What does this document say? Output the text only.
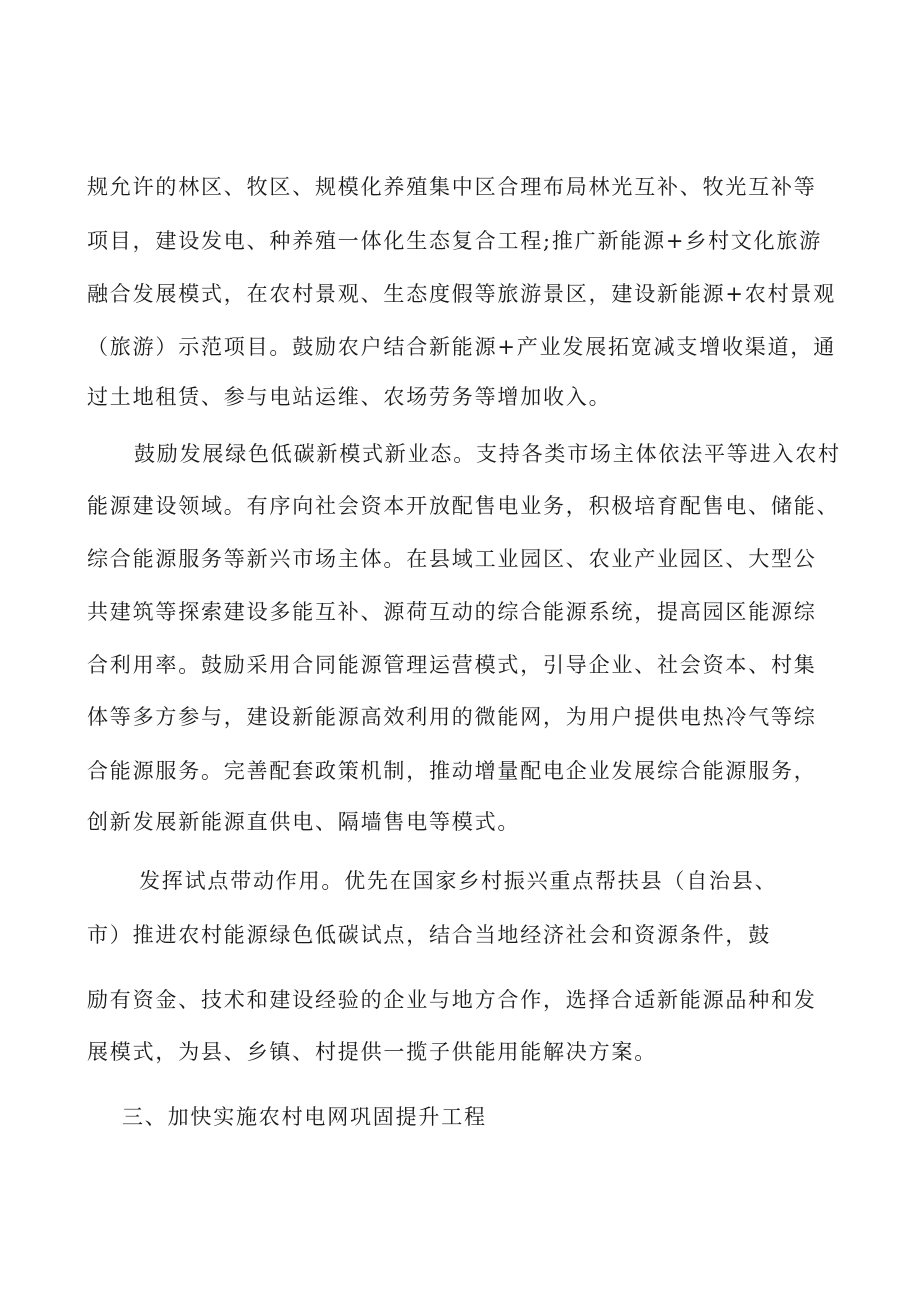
规允许的林区、牧区、规模化养殖集中区合理布局林光互补、牧光互补等
项目，建设发电、种养殖一体化生态复合工程;推广新能源+乡村文化旅游
融合发展模式，在农村景观、生态度假等旅游景区，建设新能源+农村景观
（旅游）示范项目。鼓励农户结合新能源+产业发展拓宽减支增收渠道，通
过土地租赁、参与电站运维、农场劳务等增加收入。
鼓励发展绿色低碳新模式新业态。支持各类市场主体依法平等进入农村
能源建设领域。有序向社会资本开放配售电业务，积极培育配售电、储能、
综合能源服务等新兴市场主体。在县域工业园区、农业产业园区、大型公
共建筑等探索建设多能互补、源荷互动的综合能源系统，提高园区能源综
合利用率。鼓励采用合同能源管理运营模式，引导企业、社会资本、村集
体等多方参与，建设新能源高效利用的微能网，为用户提供电热冷气等综
合能源服务。完善配套政策机制，推动增量配电企业发展综合能源服务，
创新发展新能源直供电、隔墙售电等模式。
发挥试点带动作用。优先在国家乡村振兴重点帮扶县（自治县、
市）推进农村能源绿色低碳试点，结合当地经济社会和资源条件，鼓
励有资金、技术和建设经验的企业与地方合作，选择合适新能源品种和发
展模式，为县、乡镇、村提供一揽子供能用能解决方案。
三、加快实施农村电网巩固提升工程
